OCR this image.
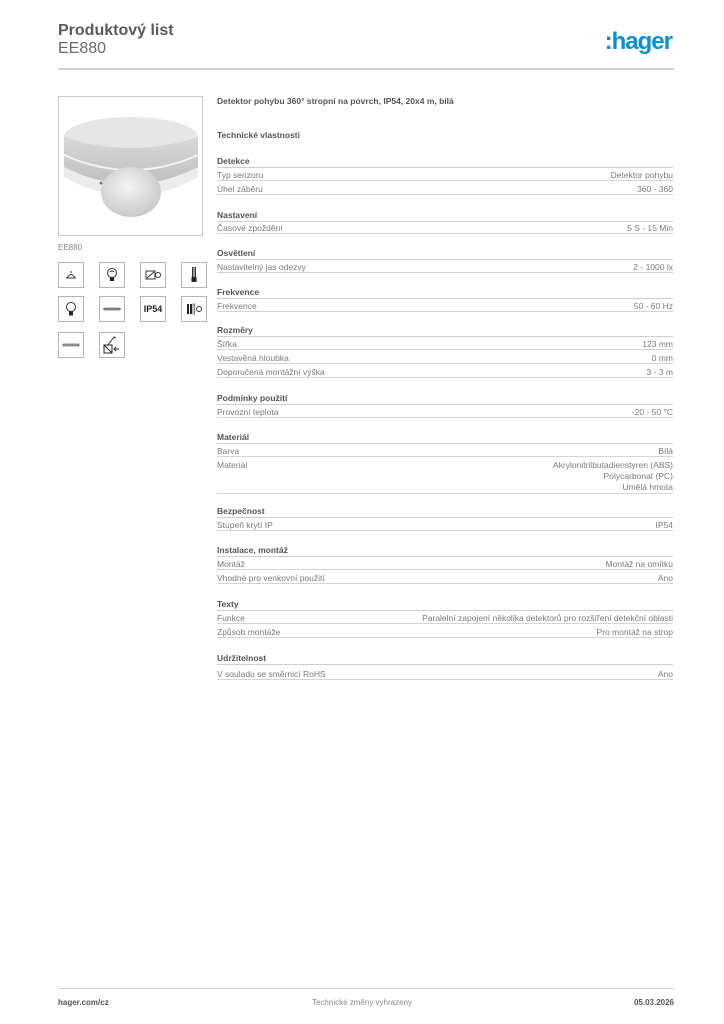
Produktový list
EE880	:hager
EE880
IP54
Detektor pohybu 360° stropní na povrch, IP54, 20x4 m, bílá
Technické vlastnosti
Detekce
Typ senzoru	Detektor pohybu
Úhel záběru	360 - 360
Nastavení
Časové zpoždění	5 S - 15 Min
Osvětlení
Nastavitelný jas odezvy	2 - 1000 lx
Frekvence
Frekvence	50 - 60 Hz
Rozměry
Šířka	123 mm
Vestavěná hloubka	0 mm
Doporučená montážní výška	3 - 3 m
Podmínky použití
Provozní teplota	-20 - 50 °C
Materiál
Barva	Bílá
Materiál	Akrylonitrilbutadienstyren (ABS)
Polycarbonat (PC)
Umělá hmota
Bezpečnost
Stupeň krytí IP	IP54
Instalace, montáž
Montáž	Montáž na omítku
Vhodné pro venkovní použití	Ano
Texty
Funkce	Paralelní zapojení několika detektorů pro rozšíření detekční oblasti
Způsob montáže	Pro montáž na strop
Udržitelnost
V souladu se směrnicí RoHS	Ano
hager.com/cz	Technické změny vyhrazeny	05.03.2026
